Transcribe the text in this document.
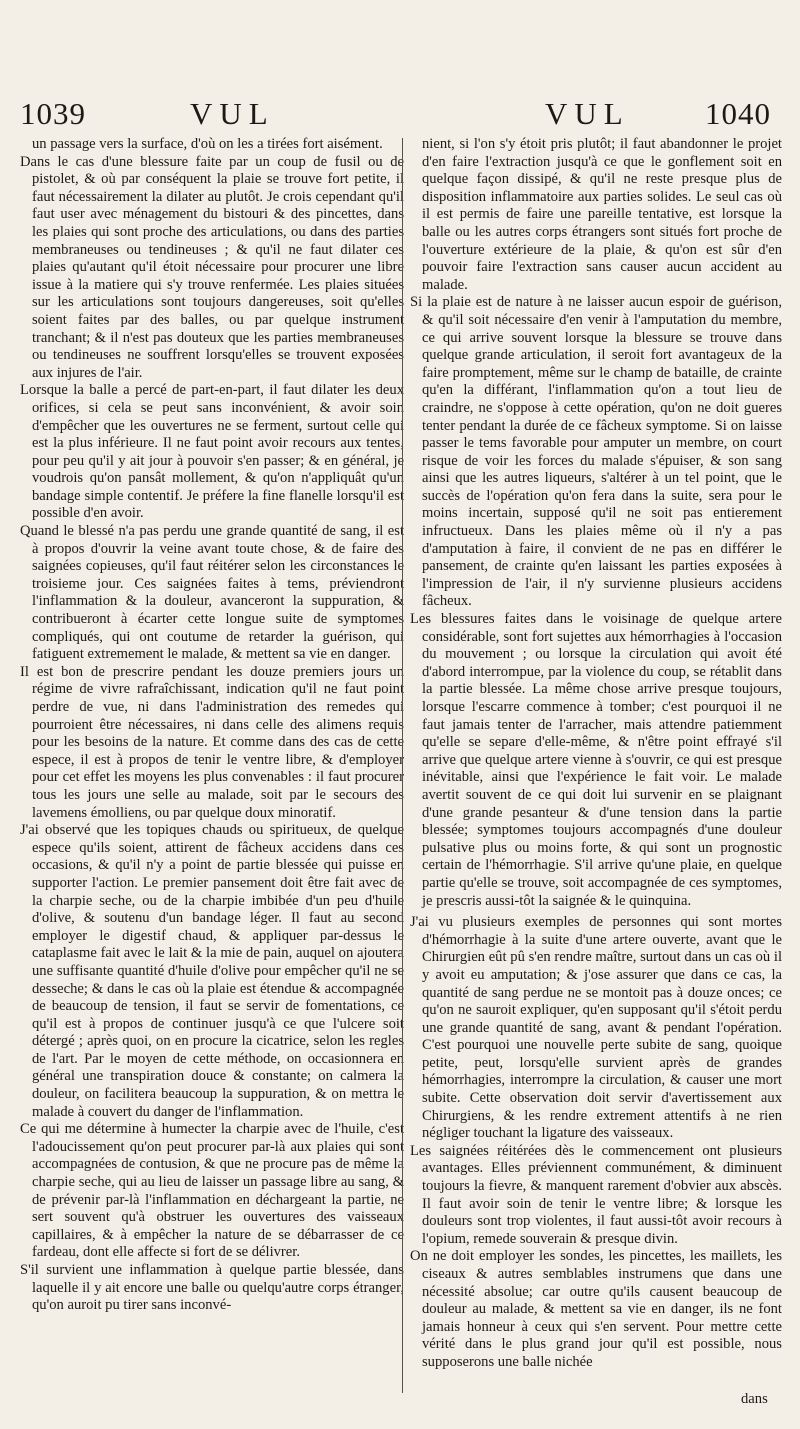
1039	VUL	VUL 1040

un passage vers la surface, d'où on les a tirées fort aisément.

Dans le cas d'une blessure faite par un coup de fusil ou de pistolet, & où par conséquent la plaie se trouve fort petite, il faut nécessairement la dilater au plutôt. Je crois cependant qu'il faut user avec ménagement du bistouri & des pincettes, dans les plaies qui sont proche des articulations, ou dans des parties membraneuses ou tendineuses ; & qu'il ne faut dilater ces plaies qu'autant qu'il étoit nécessaire pour procurer une libre issue à la matiere qui s'y trouve renfermée. Les plaies situées sur les articulations sont toujours dangereuses, soit qu'elles soient faites par des balles, ou par quelque instrument tranchant; & il n'est pas douteux que les parties membraneuses ou tendineuses ne souffrent lorsqu'elles se trouvent exposées aux injures de l'air.

Lorsque la balle a percé de part-en-part, il faut dilater les deux orifices, si cela se peut sans inconvénient, & avoir soin d'empêcher que les ouvertures ne se ferment, surtout celle qui est la plus inférieure. Il ne faut point avoir recours aux tentes, pour peu qu'il y ait jour à pouvoir s'en passer; & en général, je voudrois qu'on pansât mollement, & qu'on n'appliquât qu'un bandage simple contentif. Je préfere la fine flanelle lorsqu'il est possible d'en avoir.

Quand le blessé n'a pas perdu une grande quantité de sang, il est à propos d'ouvrir la veine avant toute chose, & de faire des saignées copieuses, qu'il faut réitérer selon les circonstances le troisieme jour. Ces saignées faites à tems, préviendront l'inflammation & la douleur, avanceront la suppuration, & contribueront à écarter cette longue suite de symptomes compliqués, qui ont coutume de retarder la guérison, qui fatiguent extremement le malade, & mettent sa vie en danger.

Il est bon de prescrire pendant les douze premiers jours un régime de vivre rafraîchissant, indication qu'il ne faut point perdre de vue, ni dans l'administration des remedes qui pourroient être nécessaires, ni dans celle des alimens requis pour les besoins de la nature. Et comme dans des cas de cette espece, il est à propos de tenir le ventre libre, & d'employer pour cet effet les moyens les plus convenables : il faut procurer tous les jours une selle au malade, soit par le secours des lavemens émolliens, ou par quelque doux minoratif.

J'ai observé que les topiques chauds ou spiritueux, de quelque espece qu'ils soient, attirent de fâcheux accidens dans ces occasions, & qu'il n'y a point de partie blessée qui puisse en supporter l'action. Le premier pansement doit être fait avec de la charpie seche, ou de la charpie imbibée d'un peu d'huile d'olive, & soutenu d'un bandage léger. Il faut au second employer le digestif chaud, & appliquer par-dessus le cataplasme fait avec le lait & la mie de pain, auquel on ajoutera une suffisante quantité d'huile d'olive pour empêcher qu'il ne se desseche; & dans le cas où la plaie est étendue & accompagnée de beaucoup de tension, il faut se servir de fomentations, ce qu'il est à propos de continuer jusqu'à ce que l'ulcere soit détergé ; après quoi, on en procure la cicatrice, selon les regles de l'art. Par le moyen de cette méthode, on occasionnera en général une transpiration douce & constante; on calmera la douleur, on facilitera beaucoup la suppuration, & on mettra le malade à couvert du danger de l'inflammation.

Ce qui me détermine à humecter la charpie avec de l'huile, c'est l'adoucissement qu'on peut procurer par-là aux plaies qui sont accompagnées de contusion, & que ne procure pas de même la charpie seche, qui au lieu de laisser un passage libre au sang, & de prévenir par-là l'inflammation en déchargeant la partie, ne sert souvent qu'à obstruer les ouvertures des vaisseaux capillaires, & à empêcher la nature de se débarrasser de ce fardeau, dont elle affecte si fort de se délivrer.

S'il survient une inflammation à quelque partie blessée, dans laquelle il y ait encore une balle ou quelqu'autre corps étranger, qu'on auroit pu tirer sans inconvé-

nient, si l'on s'y étoit pris plutôt; il faut abandonner le projet d'en faire l'extraction jusqu'à ce que le gonflement soit en quelque façon dissipé, & qu'il ne reste presque plus de disposition inflammatoire aux parties solides. Le seul cas où il est permis de faire une pareille tentative, est lorsque la balle ou les autres corps étrangers sont situés fort proche de l'ouverture extérieure de la plaie, & qu'on est sûr d'en pouvoir faire l'extraction sans causer aucun accident au malade.

Si la plaie est de nature à ne laisser aucun espoir de guérison, & qu'il soit nécessaire d'en venir à l'amputation du membre, ce qui arrive souvent lorsque la blessure se trouve dans quelque grande articulation, il seroit fort avantageux de la faire promptement, même sur le champ de bataille, de crainte qu'en la différant, l'inflammation qu'on a tout lieu de craindre, ne s'oppose à cette opération, qu'on ne doit gueres tenter pendant la durée de ce fâcheux symptome. Si on laisse passer le tems favorable pour amputer un membre, on court risque de voir les forces du malade s'épuiser, & son sang ainsi que les autres liqueurs, s'altérer à un tel point, que le succès de l'opération qu'on fera dans la suite, sera pour le moins incertain, supposé qu'il ne soit pas entierement infructueux. Dans les plaies même où il n'y a pas d'amputation à faire, il convient de ne pas en différer le pansement, de crainte qu'en laissant les parties exposées à l'impression de l'air, il n'y survienne plusieurs accidens fâcheux.

Les blessures faites dans le voisinage de quelque artere considérable, sont fort sujettes aux hémorrhagies à l'occasion du mouvement ; ou lorsque la circulation qui avoit été d'abord interrompue, par la violence du coup, se rétablit dans la partie blessée. La même chose arrive presque toujours, lorsque l'escarre commence à tomber; c'est pourquoi il ne faut jamais tenter de l'arracher, mais attendre patiemment qu'elle se separe d'elle-même, & n'être point effrayé s'il arrive que quelque artere vienne à s'ouvrir, ce qui est presque inévitable, ainsi que l'expérience le fait voir. Le malade avertit souvent de ce qui doit lui survenir en se plaignant d'une grande pesanteur & d'une tension dans la partie blessée; symptomes toujours accompagnés d'une douleur pulsative plus ou moins forte, & qui sont un prognostic certain de l'hémorrhagie. S'il arrive qu'une plaie, en quelque partie qu'elle se trouve, soit accompagnée de ces symptomes, je prescris aussi-tôt la saignée & le quinquina.

J'ai vu plusieurs exemples de personnes qui sont mortes d'hémorrhagie à la suite d'une artere ouverte, avant que le Chirurgien eût pû s'en rendre maître, surtout dans un cas où il y avoit eu amputation; & j'ose assurer que dans ce cas, la quantité de sang perdue ne se montoit pas à douze onces; ce qu'on ne sauroit expliquer, qu'en supposant qu'il s'étoit perdu une grande quantité de sang, avant & pendant l'opération. C'est pourquoi une nouvelle perte subite de sang, quoique petite, peut, lorsqu'elle survient après de grandes hémorrhagies, interrompre la circulation, & causer une mort subite. Cette observation doit servir d'avertissement aux Chirurgiens, & les rendre extrement attentifs à ne rien négliger touchant la ligature des vaisseaux.

Les saignées réitérées dès le commencement ont plusieurs avantages. Elles préviennent communément, & diminuent toujours la fievre, & manquent rarement d'obvier aux abscès. Il faut avoir soin de tenir le ventre libre; & lorsque les douleurs sont trop violentes, il faut aussi-tôt avoir recours à l'opium, remede souverain & presque divin.

On ne doit employer les sondes, les pincettes, les maillets, les ciseaux & autres semblables instrumens que dans une nécessité absolue; car outre qu'ils causent beaucoup de douleur au malade, & mettent sa vie en danger, ils ne font jamais honneur à ceux qui s'en servent. Pour mettre cette vérité dans le plus grand jour qu'il est possible, nous supposerons une balle nichée

dans
